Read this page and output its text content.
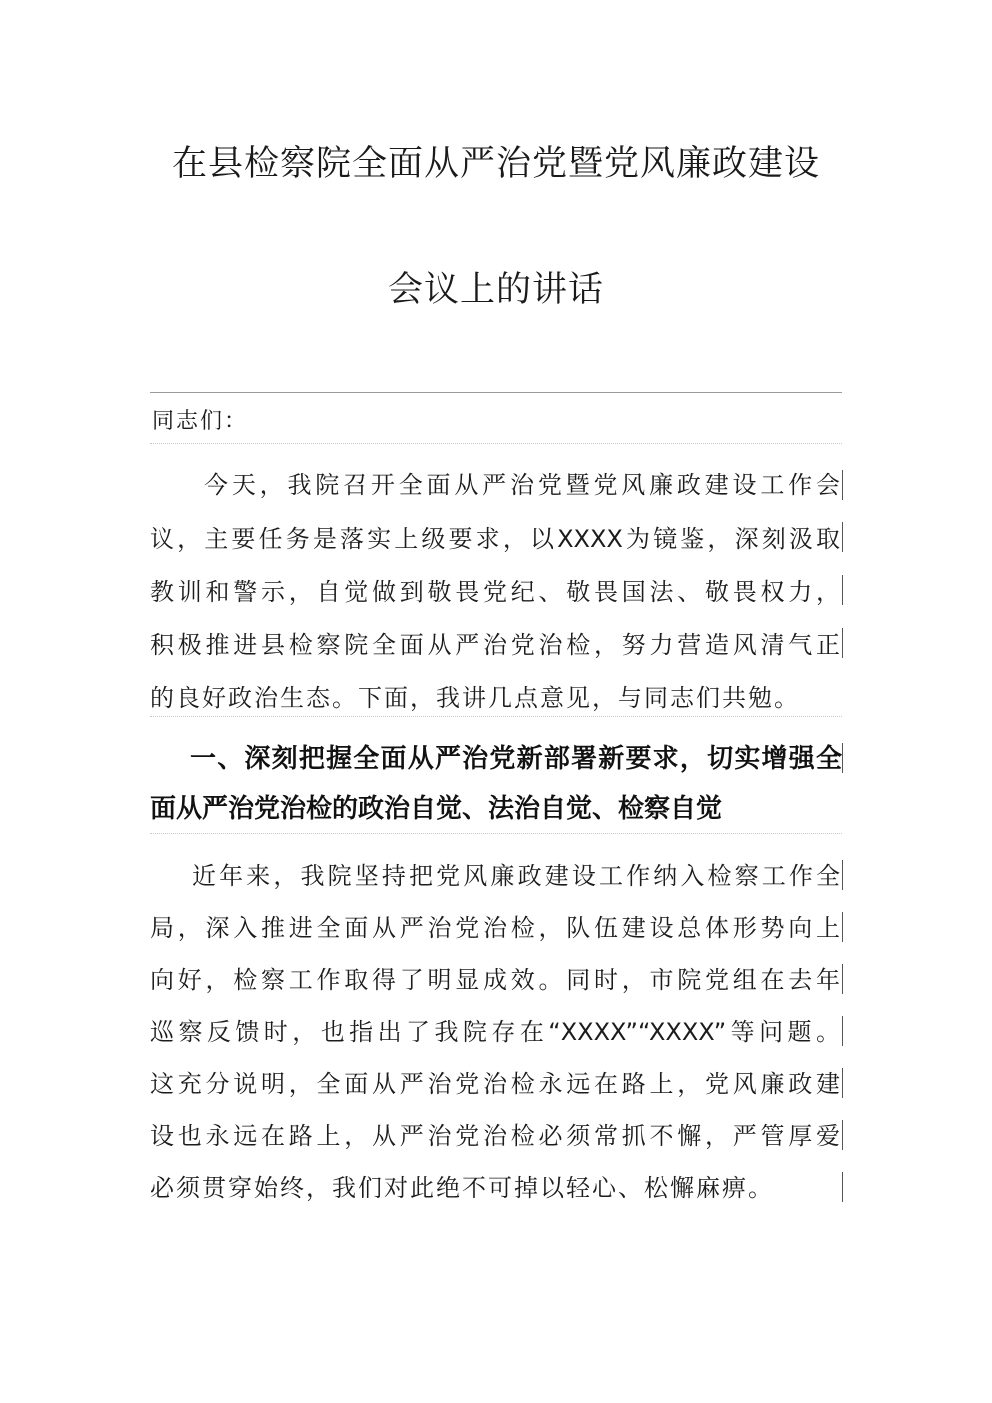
在县检察院全面从严治党暨党风廉政建设
会议上的讲话
同志们：
今天，我院召开全面从严治党暨党风廉政建设工作会
议，主要任务是落实上级要求，以XXXX为镜鉴，深刻汲取
教训和警示，自觉做到敬畏党纪、敬畏国法、敬畏权力，
积极推进县检察院全面从严治党治检，努力营造风清气正
的良好政治生态。下面，我讲几点意见，与同志们共勉。
一、深刻把握全面从严治党新部署新要求，切实增强全
面从严治党治检的政治自觉、法治自觉、检察自觉
近年来，我院坚持把党风廉政建设工作纳入检察工作全
局，深入推进全面从严治党治检，队伍建设总体形势向上
向好，检察工作取得了明显成效。同时，市院党组在去年
巡察反馈时，也指出了我院存在“XXXX”“XXXX”等问题。
这充分说明，全面从严治党治检永远在路上，党风廉政建
设也永远在路上，从严治党治检必须常抓不懈，严管厚爱
必须贯穿始终，我们对此绝不可掉以轻心、松懈麻痹。
